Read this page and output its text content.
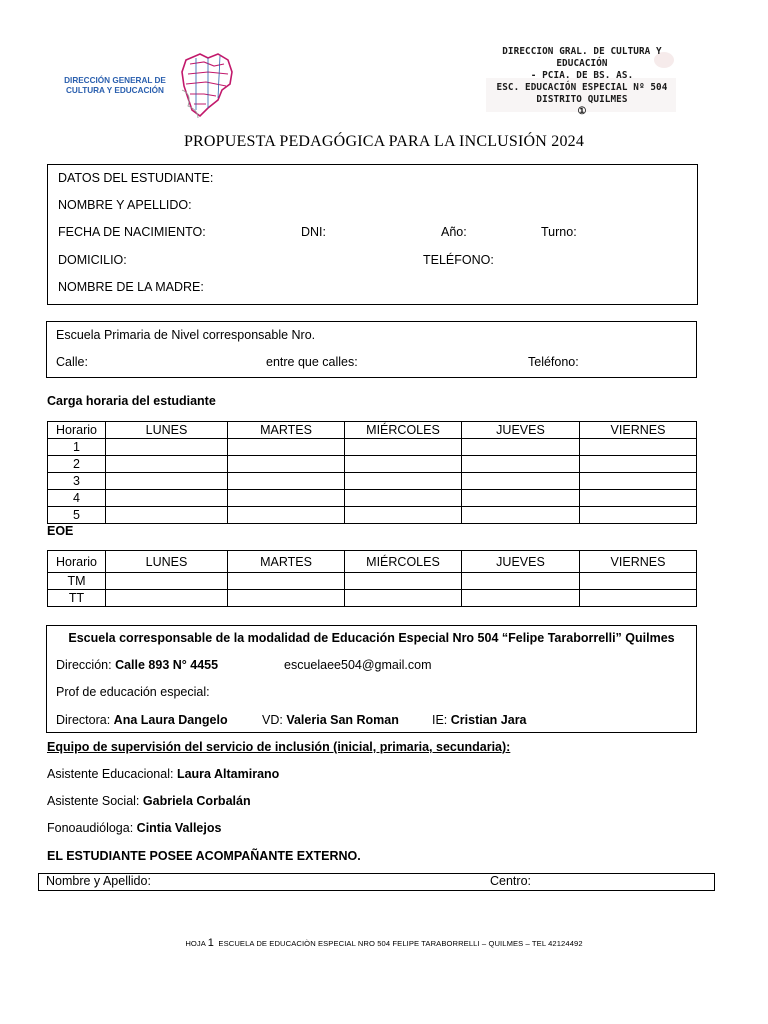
DIRECCIÓN GENERAL DE
CULTURA Y EDUCACIÓN
DIRECCION GRAL. DE CULTURA Y EDUCACIÓN
- PCIA. DE BS. AS.
ESC. EDUCACIÓN ESPECIAL Nº 504
DISTRITO QUILMES
①
PROPUESTA PEDAGÓGICA PARA LA INCLUSIÓN 2024
DATOS DEL ESTUDIANTE:
NOMBRE Y APELLIDO:
FECHA DE NACIMIENTO:	DNI:	Año:	Turno:
DOMICILIO:	TELÉFONO:
NOMBRE DE LA MADRE:
Escuela Primaria de Nivel corresponsable Nro.
Calle:	entre que calles:	Teléfono:
Carga horaria del estudiante
Horario	LUNES	MARTES	MIÉRCOLES	JUEVES	VIERNES
1					
2					
3					
4					
5					
EOE
Horario	LUNES	MARTES	MIÉRCOLES	JUEVES	VIERNES
TM					
TT					
Escuela corresponsable de la modalidad de Educación Especial Nro 504 “Felipe Taraborrelli” Quilmes
Dirección: Calle 893 N° 4455	escuelaee504@gmail.com
Prof de educación especial:
Directora: Ana Laura Dangelo	VD: Valeria San Roman	IE: Cristian Jara
Equipo de supervisión del servicio de inclusión (inicial, primaria, secundaria):
Asistente Educacional: Laura Altamirano
Asistente Social: Gabriela Corbalán
Fonoaudióloga: Cintia Vallejos
EL ESTUDIANTE POSEE ACOMPAÑANTE EXTERNO.
Nombre y Apellido:	Centro:
HOJA 1 ESCUELA DE EDUCACIÒN ESPECIAL NRO 504 FELIPE TARABORRELLI – QUILMES – TEL 42124492
